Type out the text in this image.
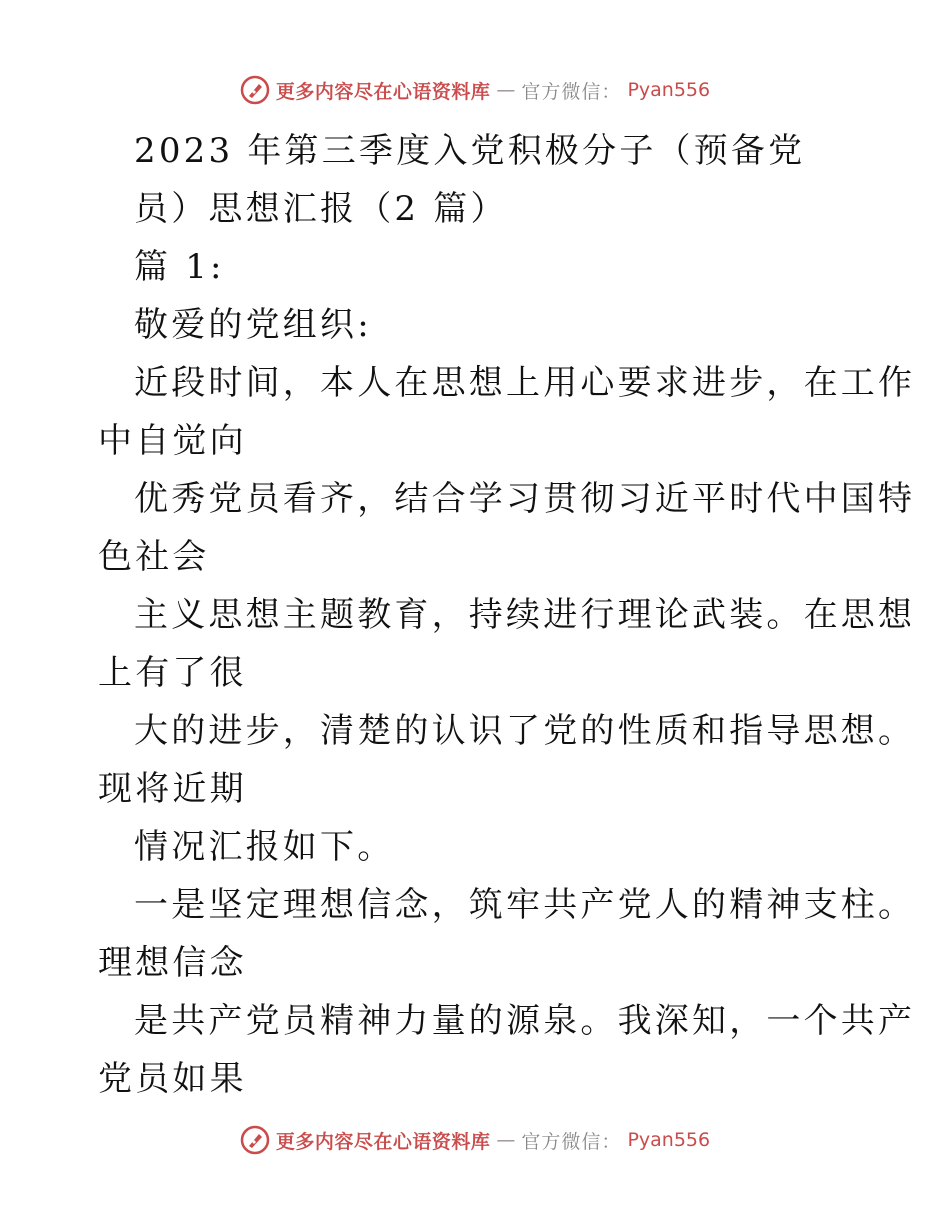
更多内容尽在心语资料库 — 官方微信： Pyan556
2023 年第三季度入党积极分子（预备党
员）思想汇报（2 篇）
篇 1:
敬爱的党组织:
近段时间，本人在思想上用心要求进步，在工作
中自觉向
优秀党员看齐，结合学习贯彻习近平时代中国特
色社会
主义思想主题教育，持续进行理论武装。在思想
上有了很
大的进步，清楚的认识了党的性质和指导思想。
现将近期
情况汇报如下。
一是坚定理想信念，筑牢共产党人的精神支柱。
理想信念
是共产党员精神力量的源泉。我深知，一个共产
党员如果
更多内容尽在心语资料库 — 官方微信： Pyan556
